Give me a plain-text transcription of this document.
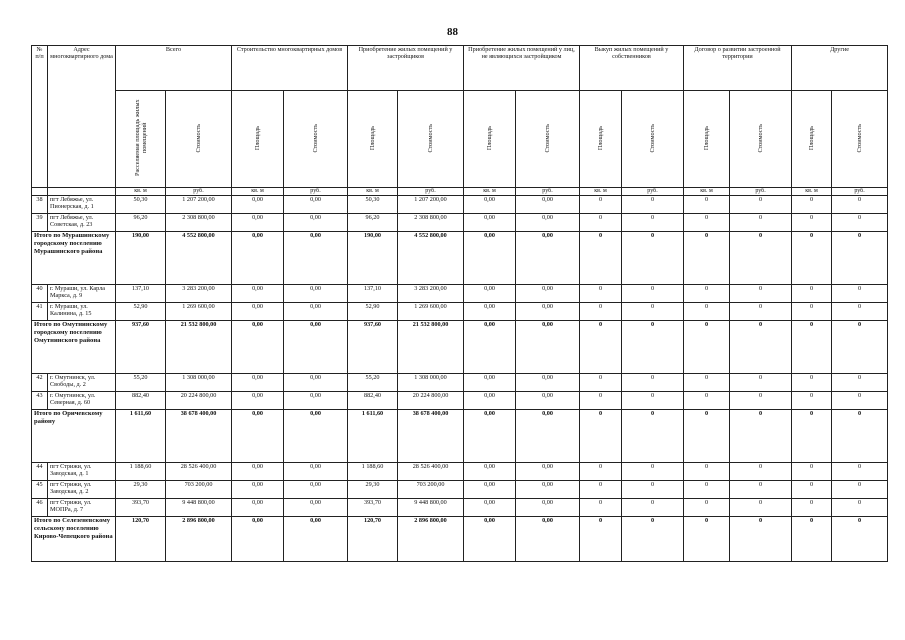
88
№ п/п	Адрес многоквартирного дома	Всего		Строительство многоквартирных домов		Приобретение жилых помещений у застройщиков		Приобретение жилых помещений у лиц, не являющихся застройщиком		Выкуп жилых помещений у собственников		Договор о развитии застроенной территории		Другие	
		Расселяемая площадь жилых помещений	Стоимость	Площадь	Стоимость	Площадь	Стоимость	Площадь	Стоимость	Площадь	Стоимость	Площадь	Стоимость	Площадь	Стоимость
		кв. м	руб.	кв. м	руб.	кв. м	руб.	кв. м	руб.	кв. м	руб.	кв. м	руб.	кв. м	руб.
38	пгт Лебяжье, ул. Пионерская, д. 1	50,30	1 207 200,00	0,00	0,00	50,30	1 207 200,00	0,00	0,00	0	0	0	0	0	0
39	пгт Лебяжье, ул. Советская, д. 23	96,20	2 308 800,00	0,00	0,00	96,20	2 308 800,00	0,00	0,00	0	0	0	0	0	0
Итого по Мурашинскому городскому поселению Мурашинского района		190,00	4 552 800,00	0,00	0,00	190,00	4 552 800,00	0,00	0,00	0	0	0	0	0	0
40	г. Мураши, ул. Карла Маркса, д. 9	137,10	3 283 200,00	0,00	0,00	137,10	3 283 200,00	0,00	0,00	0	0	0	0	0	0
41	г. Мураши, ул. Калинина, д. 15	52,90	1 269 600,00	0,00	0,00	52,90	1 269 600,00	0,00	0,00	0	0	0	0	0	0
Итого по Омутнинскому городскому поселению Омутнинского района		937,60	21 532 800,00	0,00	0,00	937,60	21 532 800,00	0,00	0,00	0	0	0	0	0	0
42	г. Омутнинск, ул. Свободы, д. 2	55,20	1 308 000,00	0,00	0,00	55,20	1 308 000,00	0,00	0,00	0	0	0	0	0	0
43	г. Омутнинск, ул. Северная, д. 60	882,40	20 224 800,00	0,00	0,00	882,40	20 224 800,00	0,00	0,00	0	0	0	0	0	0
Итого по Оричевскому району		1 611,60	38 678 400,00	0,00	0,00	1 611,60	38 678 400,00	0,00	0,00	0	0	0	0	0	0
44	пгт Стрижи, ул. Заводская, д. 1	1 188,60	28 526 400,00	0,00	0,00	1 188,60	28 526 400,00	0,00	0,00	0	0	0	0	0	0
45	пгт Стрижи, ул. Заводская, д. 2	29,30	703 200,00	0,00	0,00	29,30	703 200,00	0,00	0,00	0	0	0	0	0	0
46	пгт Стрижи, ул. МОПРа, д. 7	393,70	9 448 800,00	0,00	0,00	393,70	9 448 800,00	0,00	0,00	0	0	0	0	0	0
Итого по Селезеневскому сельскому поселению Кирово-Чепецкого района		120,70	2 896 800,00	0,00	0,00	120,70	2 896 800,00	0,00	0,00	0	0	0	0	0	0
